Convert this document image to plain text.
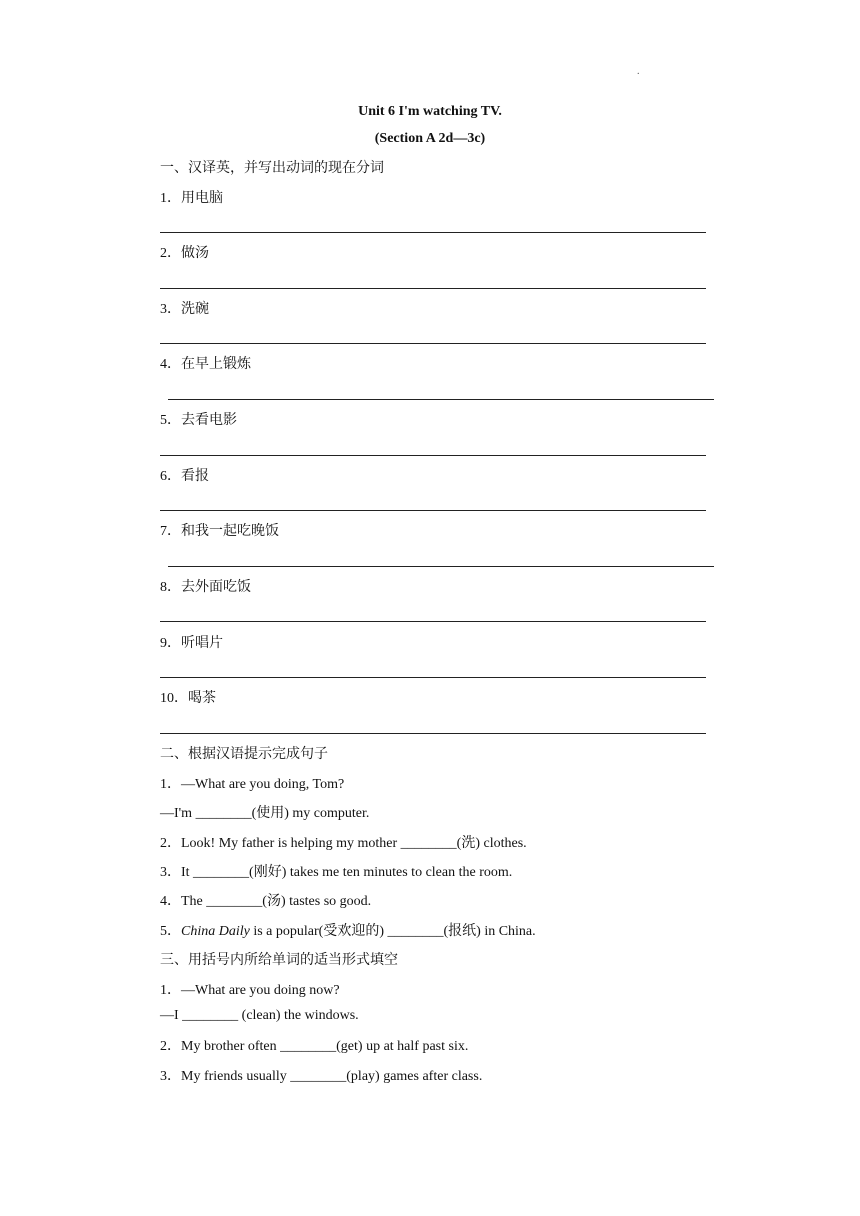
.
Unit 6 I'm watching TV.
(Section A 2d—3c)
一、汉译英，并写出动词的现在分词
1．用电脑
2．做汤
3．洗碗
4．在早上锻炼
5．去看电影
6．看报
7．和我一起吃晚饭
8．去外面吃饭
9．听唱片
10．喝茶
二、根据汉语提示完成句子
1．—What are you doing, Tom?
—I'm ________(使用) my computer.
2．Look! My father is helping my mother ________(洗) clothes.
3．It ________(刚好) takes me ten minutes to clean the room.
4．The ________(汤) tastes so good.
5．China Daily is a popular(受欢迎的) ________(报纸) in China.
三、用括号内所给单词的适当形式填空
1．—What are you doing now?
—I ________ (clean) the windows.
2．My brother often ________(get) up at half past six.
3．My friends usually ________(play) games after class.
